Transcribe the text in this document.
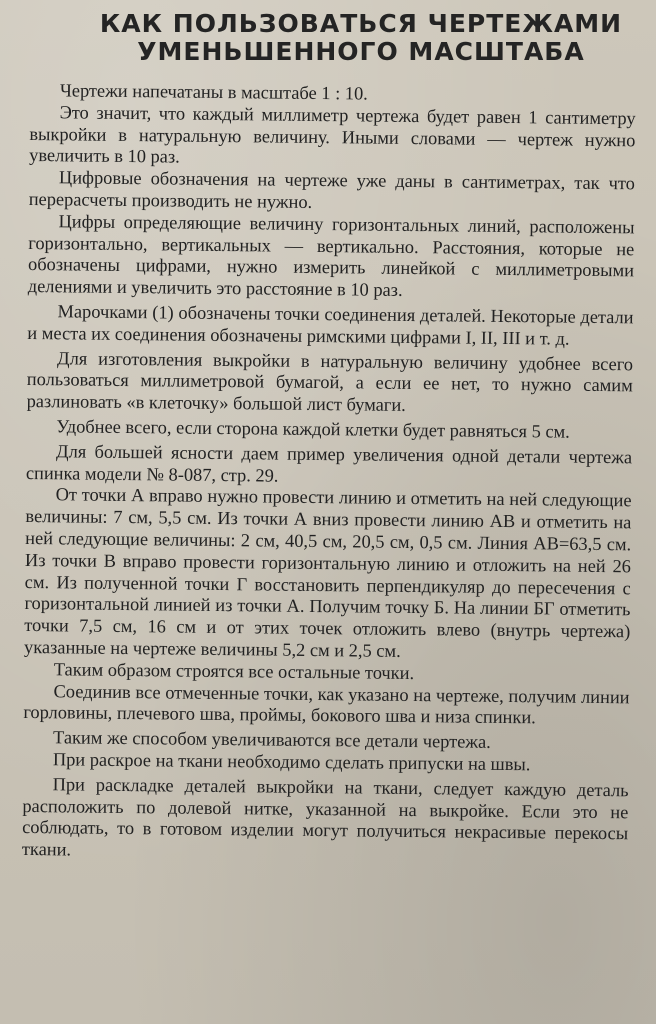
КАК ПОЛЬЗОВАТЬСЯ ЧЕРТЕЖАМИ
УМЕНЬШЕННОГО МАСШТАБА

Чертежи напечатаны в масштабе 1 : 10.

Это значит, что каждый миллиметр чертежа будет равен 1 сантиметру выкройки в натуральную величину. Иными словами — чертеж нужно увеличить в 10 раз.

Цифровые обозначения на чертеже уже даны в сантиметрах, так что перерасчеты производить не нужно.

Цифры определяющие величину горизонтальных линий, расположены горизонтально, вертикальных — вертикально. Расстояния, которые не обозначены цифрами, нужно измерить линейкой с миллиметровыми делениями и увеличить это расстояние в 10 раз.

Марочками (1) обозначены точки соединения деталей. Некоторые детали и места их соединения обозначены римскими цифрами I, II, III и т. д.

Для изготовления выкройки в натуральную величину удобнее всего пользоваться миллиметровой бумагой, а если ее нет, то нужно самим разлиновать «в клеточку» большой лист бумаги.

Удобнее всего, если сторона каждой клетки будет равняться 5 см.

Для большей ясности даем пример увеличения одной детали чертежа спинка модели № 8-087, стр. 29.

От точки А вправо нужно провести линию и отметить на ней следующие величины: 7 см, 5,5 см. Из точки А вниз провести линию АВ и отметить на ней следующие величины: 2 см, 40,5 см, 20,5 см, 0,5 см. Линия АВ=63,5 см. Из точки В вправо провести горизонтальную линию и отложить на ней 26 см. Из полученной точки Г восстановить перпендикуляр до пересечения с горизонтальной линией из точки А. Получим точку Б. На линии БГ отметить точки 7,5 см, 16 см и от этих точек отложить влево (внутрь чертежа) указанные на чертеже величины 5,2 см и 2,5 см.

Таким образом строятся все остальные точки.

Соединив все отмеченные точки, как указано на чертеже, получим линии горловины, плечевого шва, проймы, бокового шва и низа спинки.

Таким же способом увеличиваются все детали чертежа.

При раскрое на ткани необходимо сделать припуски на швы.

При раскладке деталей выкройки на ткани, следует каждую деталь расположить по долевой нитке, указанной на выкройке. Если это не соблюдать, то в готовом изделии могут получиться некрасивые перекосы ткани.
